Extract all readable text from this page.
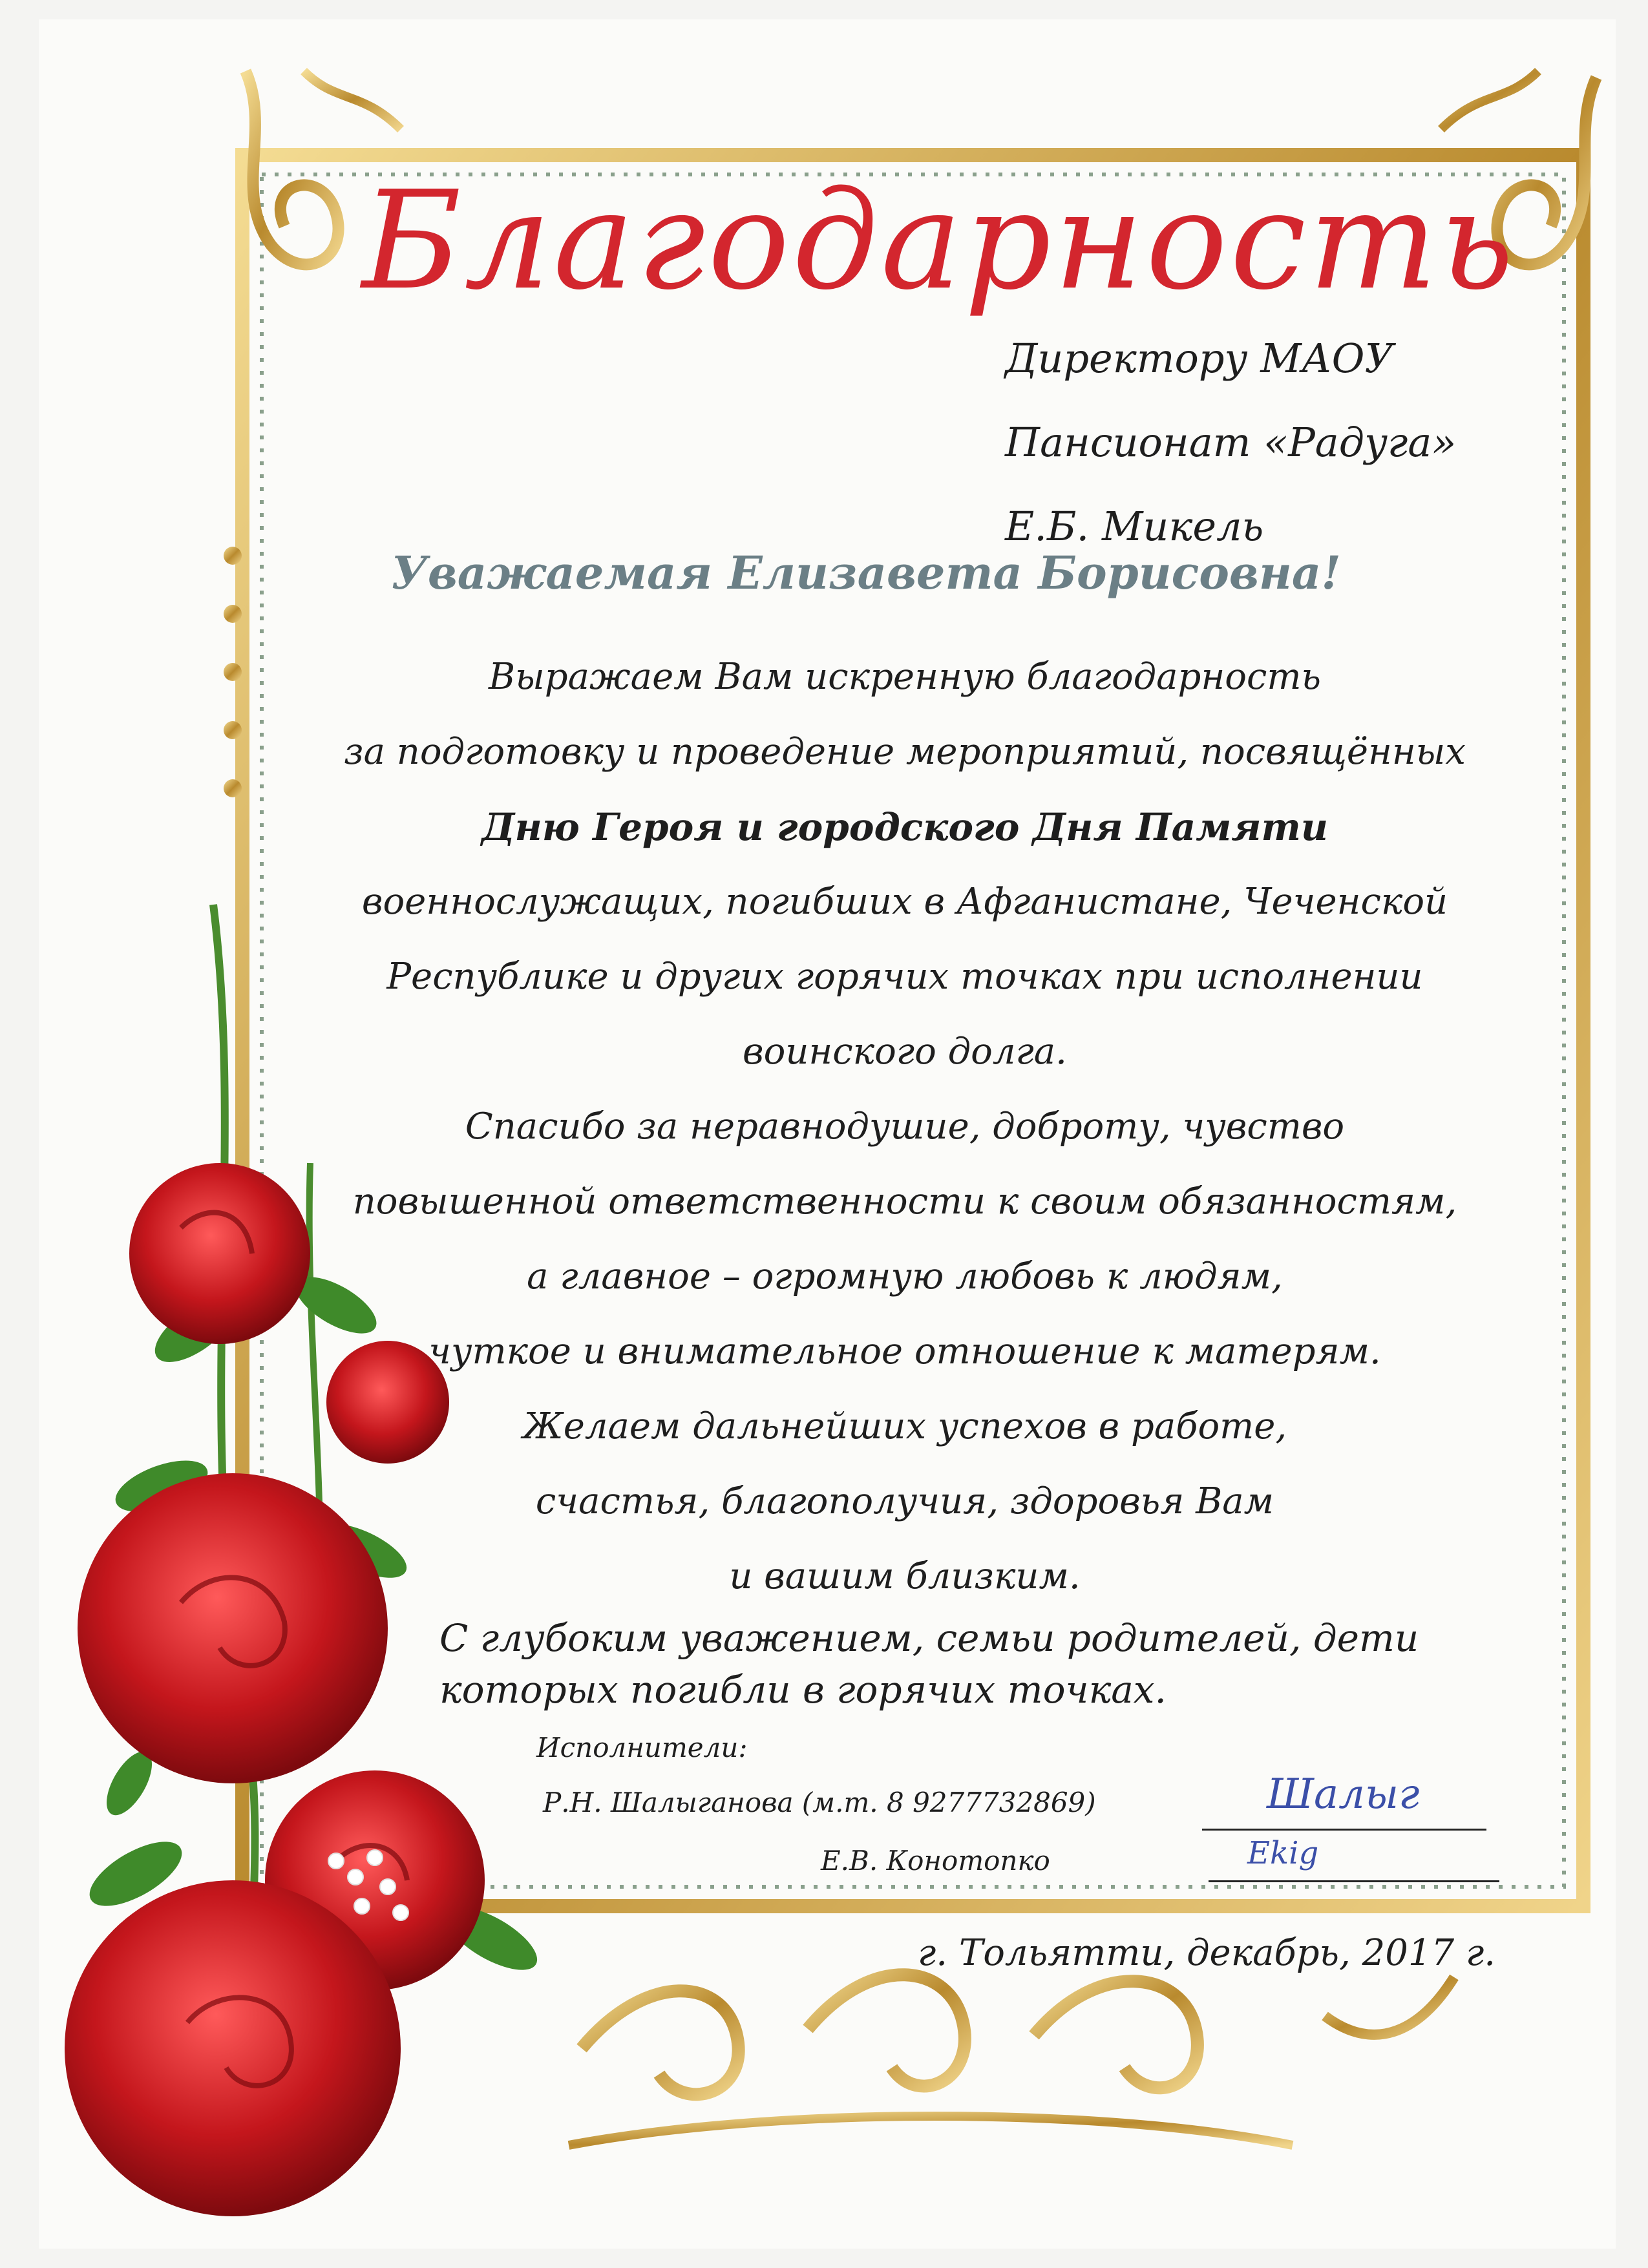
Благодарность
Директору МАОУ
Пансионат «Радуга»
Е.Б. Микель
Уважаемая Елизавета Борисовна!
Выражаем Вам искренную благодарность
за подготовку и проведение мероприятий, посвящённых
Дню Героя и городского Дня Памяти
военнослужащих, погибших в Афганистане, Чеченской
Республике и других горячих точках при исполнении
воинского долга.
Спасибо за неравнодушие, доброту, чувство
повышенной ответственности к своим обязанностям,
а главное – огромную любовь к людям,
чуткое и внимательное отношение к матерям.
Желаем дальнейших успехов в работе,
счастья, благополучия, здоровья Вам
и вашим близким.
С глубоким уважением, семьи родителей, дети
которых погибли в горячих точках.
Исполнители:
Р.Н. Шалыганова (м.т. 8 9277732869)
Е.В. Конотопко
Шалыг
Ekig
г. Тольятти, декабрь, 2017 г.
